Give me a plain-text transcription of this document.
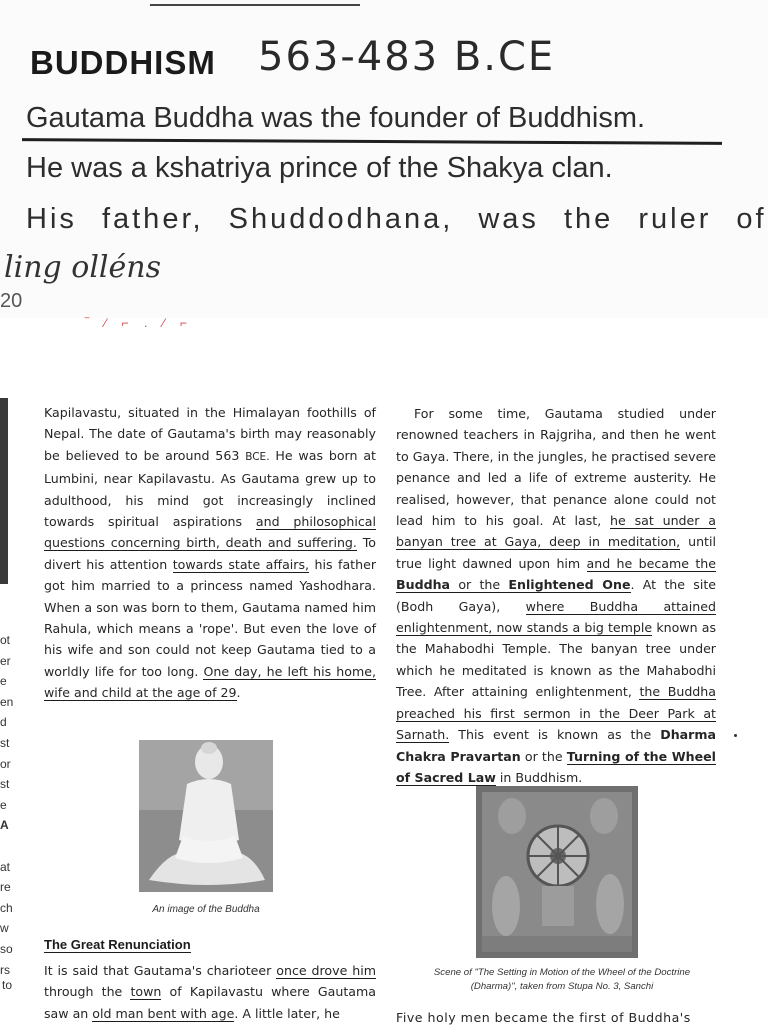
BUDDHISM 563-483 B.CE
Gautama Buddha was the founder of Buddhism.
He was a kshatriya prince of the Shakya clan.
His father, Shuddodhana, was the ruler of
ling olléns
20
‾ ⁄ ⌐ . ⁄ ⌐
ot
er
e
en
d
st
or
st
e
A
at
re
ch
w
so
rs
to

Kapilavastu, situated in the Himalayan foothills of Nepal. The date of Gautama's birth may reasonably be believed to be around 563 BCE. He was born at Lumbini, near Kapilavastu. As Gautama grew up to adulthood, his mind got increasingly inclined towards spiritual aspirations and philosophical questions concerning birth, death and suffering. To divert his attention towards state affairs, his father got him married to a princess named Yashodhara. When a son was born to them, Gautama named him Rahula, which means a 'rope'. But even the love of his wife and son could not keep Gautama tied to a worldly life for too long. One day, he left his home, wife and child at the age of 29.

An image of the Buddha
The Great Renunciation

It is said that Gautama's charioteer once drove him through the town of Kapilavastu where Gautama saw an old man bent with age. A little later, he

For some time, Gautama studied under renowned teachers in Rajgriha, and then he went to Gaya. There, in the jungles, he practised severe penance and led a life of extreme austerity. He realised, however, that penance alone could not lead him to his goal. At last, he sat under a banyan tree at Gaya, deep in meditation, until true light dawned upon him and he became the Buddha or the Enlightened One. At the site (Bodh Gaya), where Buddha attained enlightenment, now stands a big temple known as the Mahabodhi Temple. The banyan tree under which he meditated is known as the Mahabodhi Tree. After attaining enlightenment, the Buddha preached his first sermon in the Deer Park at Sarnath. This event is known as the Dharma Chakra Pravartan or the Turning of the Wheel of Sacred Law in Buddhism.

Scene of "The Setting in Motion of the Wheel of the Doctrine (Dharma)", taken from Stupa No. 3, Sanchi
Five holy men became the first of Buddha's
